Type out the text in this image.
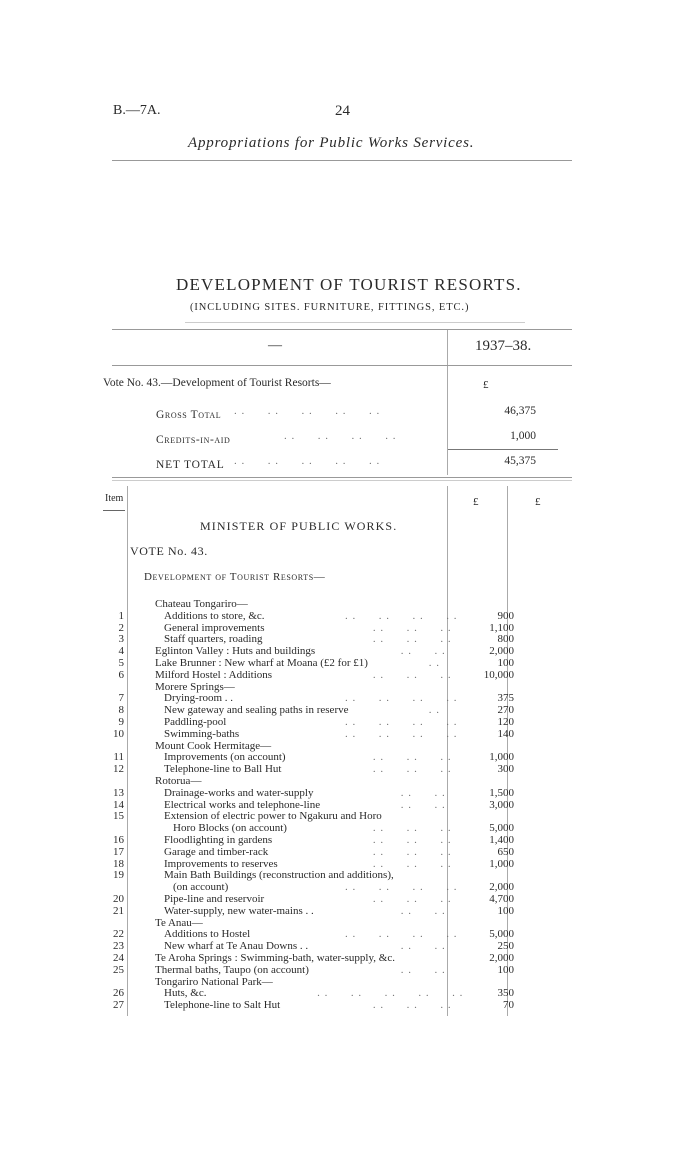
B.—7A.	24
Appropriations for Public Works Services.
DEVELOPMENT OF TOURIST RESORTS.
(INCLUDING SITES. FURNITURE, FITTINGS, ETC.)
—	1937–38.
Vote No. 43.—Development of Tourist Resorts—	£
Gross Total . .      . .      . .      . .      . .	46,375
Credits-in-aid	. .      . .      . .      . .	1,000
NET TOTAL . .      . .      . .      . .      . .	45,375
Item	£	£
MINISTER OF PUBLIC WORKS.
VOTE No. 43.
Development of Tourist Resorts—
Chateau Tongariro—
1	Additions to store, &c.	. .      . .      . .      . .	900
2	General improvements	. .      . .      . .	1,100
3	Staff quarters, roading	. .      . .      . .	800
4	Eglinton Valley : Huts and buildings	. .      . .	2,000
5	Lake Brunner : New wharf at Moana (£2 for £1)	. .	100
6	Milford Hostel : Additions	. .      . .      . .	10,000
Morere Springs—
7	Drying-room . .	. .      . .      . .      . .	375
8	New gateway and sealing paths in reserve	. .	270
9	Paddling-pool	. .      . .      . .      . .	120
10	Swimming-baths	. .      . .      . .      . .	140
Mount Cook Hermitage—
11	Improvements (on account)	. .      . .      . .	1,000
12	Telephone-line to Ball Hut	. .      . .      . .	300
Rotorua—
13	Drainage-works and water-supply	. .      . .	1,500
14	Electrical works and telephone-line	. .      . .	3,000
15	Extension of electric power to Ngakuru and Horo
Horo Blocks (on account)	. .      . .      . .	5,000
16	Floodlighting in gardens	. .      . .      . .	1,400
17	Garage and timber-rack	. .      . .      . .	650
18	Improvements to reserves	. .      . .      . .	1,000
19	Main Bath Buildings (reconstruction and additions),
(on account)	. .      . .      . .      . .	2,000
20	Pipe-line and reservoir	. .      . .      . .	4,700
21	Water-supply, new water-mains . .	. .      . .	100
Te Anau—
22	Additions to Hostel	. .      . .      . .      . .	5,000
23	New wharf at Te Anau Downs . .	. .      . .	250
24	Te Aroha Springs : Swimming-bath, water-supply, &c.	2,000
25	Thermal baths, Taupo (on account)	. .      . .	100
Tongariro National Park—
26	Huts, &c.	. .      . .      . .      . .      . .	350
27	Telephone-line to Salt Hut	. .      . .      . .	70
